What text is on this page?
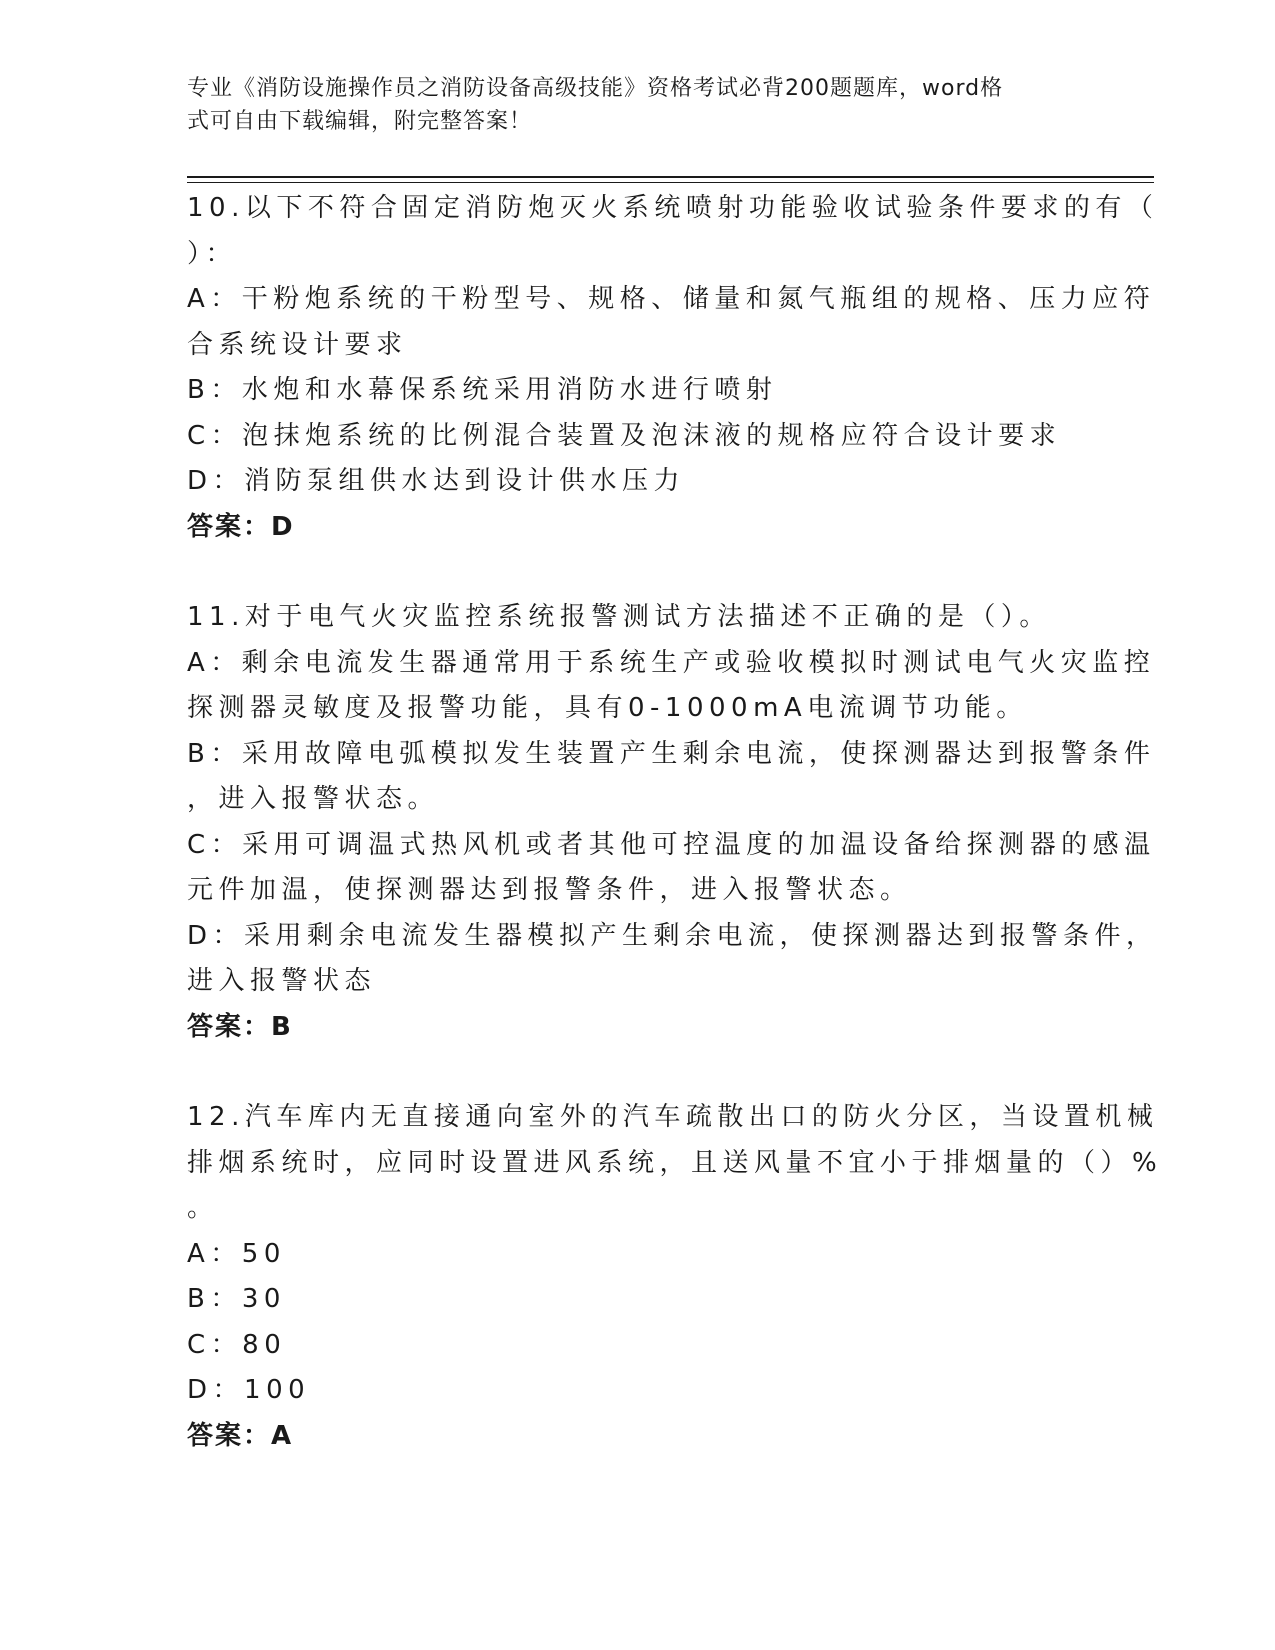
专业《消防设施操作员之消防设备高级技能》资格考试必背200题题库，word格
式可自由下载编辑，附完整答案！
10.以下不符合固定消防炮灭火系统喷射功能验收试验条件要求的有（
）：
A：干粉炮系统的干粉型号、规格、储量和氮气瓶组的规格、压力应符
合系统设计要求
B：水炮和水幕保系统采用消防水进行喷射
C：泡抹炮系统的比例混合装置及泡沫液的规格应符合设计要求
D：消防泵组供水达到设计供水压力
答案：D
11.对于电气火灾监控系统报警测试方法描述不正确的是（）。
A：剩余电流发生器通常用于系统生产或验收模拟时测试电气火灾监控
探测器灵敏度及报警功能，具有0-1000mA电流调节功能。
B：采用故障电弧模拟发生装置产生剩余电流，使探测器达到报警条件
，进入报警状态。
C：采用可调温式热风机或者其他可控温度的加温设备给探测器的感温
元件加温，使探测器达到报警条件，进入报警状态。
D：采用剩余电流发生器模拟产生剩余电流，使探测器达到报警条件，
进入报警状态
答案：B
12.汽车库内无直接通向室外的汽车疏散出口的防火分区，当设置机械
排烟系统时，应同时设置进风系统，且送风量不宜小于排烟量的（）%
。
A：50
B：30
C：80
D：100
答案：A
